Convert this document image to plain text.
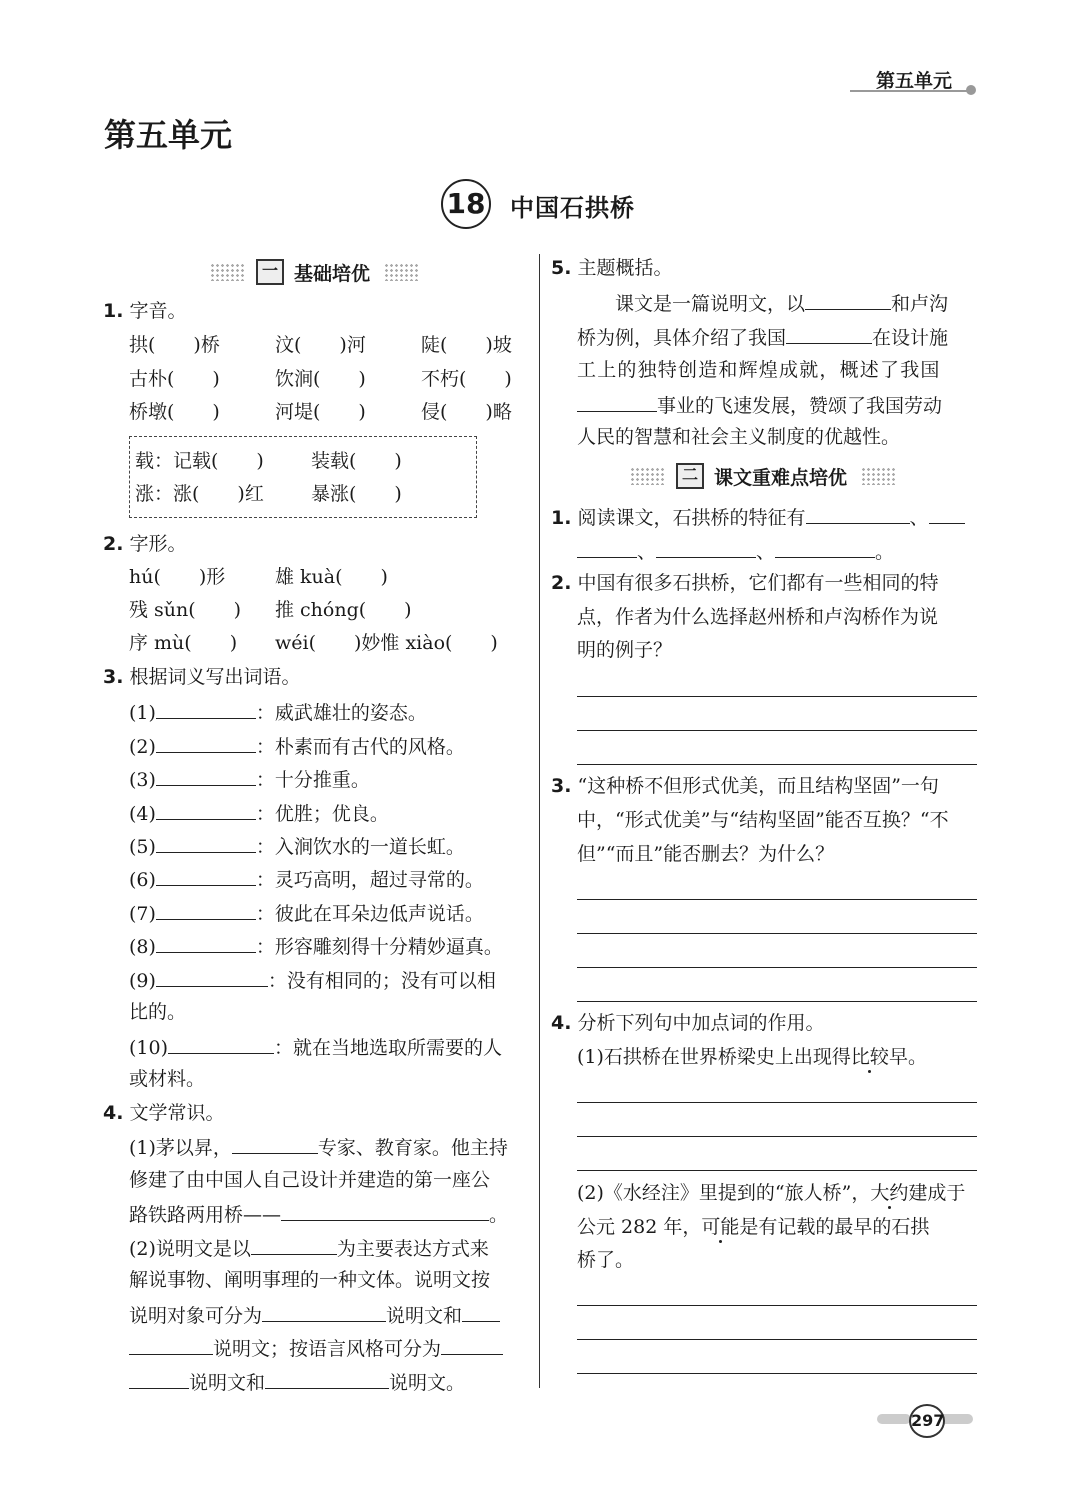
第五单元
第五单元
18 中国石拱桥
一 基础培优
1. 字音。
拱(　　)桥	汶(　　)河	陡(　　)坡
古朴(　　)	饮涧(　　)	不朽(　　)
桥墩(　　)	河堤(　　)	侵(　　)略
载：记载(　　) 装载(　　)
涨：涨(　　)红 暴涨(　　)
2. 字形。
hú(　　)形	雄 kuà(　　)
残 sǔn(　　) 推 chóng(　　)
序 mù(　　) wéi(　　)妙惟 xiào(　　)
3. 根据词义写出词语。
(1)	：威武雄壮的姿态。
(2)	：朴素而有古代的风格。
(3)	：十分推重。
(4)	：优胜；优良。
(5)	：入涧饮水的一道长虹。
(6)	：灵巧高明，超过寻常的。
(7)	：彼此在耳朵边低声说话。
(8)	：形容雕刻得十分精妙逼真。
(9)	：没有相同的；没有可以相
比的。
(10)	：就在当地选取所需要的人
或材料。
4. 文学常识。
(1)茅以昇，	专家、教育家。他主持
修建了由中国人自己设计并建造的第一座公
路铁路两用桥——	。
(2)说明文是以	为主要表达方式来
解说事物、阐明事理的一种文体。说明文按
说明对象可分为	说明文和
说明文；按语言风格可分为
说明文和	说明文。
5. 主题概括。
课文是一篇说明文，以	和卢沟
桥为例，具体介绍了我国	在设计施
工上的独特创造和辉煌成就，概述了我国
事业的飞速发展，赞颂了我国劳动
人民的智慧和社会主义制度的优越性。
二 课文重难点培优
1. 阅读课文，石拱桥的特征有	、
、	、	。
2. 中国有很多石拱桥，它们都有一些相同的特
点，作者为什么选择赵州桥和卢沟桥作为说
明的例子？
3. “这种桥不但形式优美，而且结构坚固”一句
中，“形式优美”与“结构坚固”能否互换？“不
但”“而且”能否删去？为什么？
4. 分析下列句中加点词的作用。
(1)石拱桥在世界桥梁史上出现得比较早。
(2)《水经注》里提到的“旅人桥”，大约建成于
公元 282 年，可能是有记载的最早的石拱
桥了。
297
